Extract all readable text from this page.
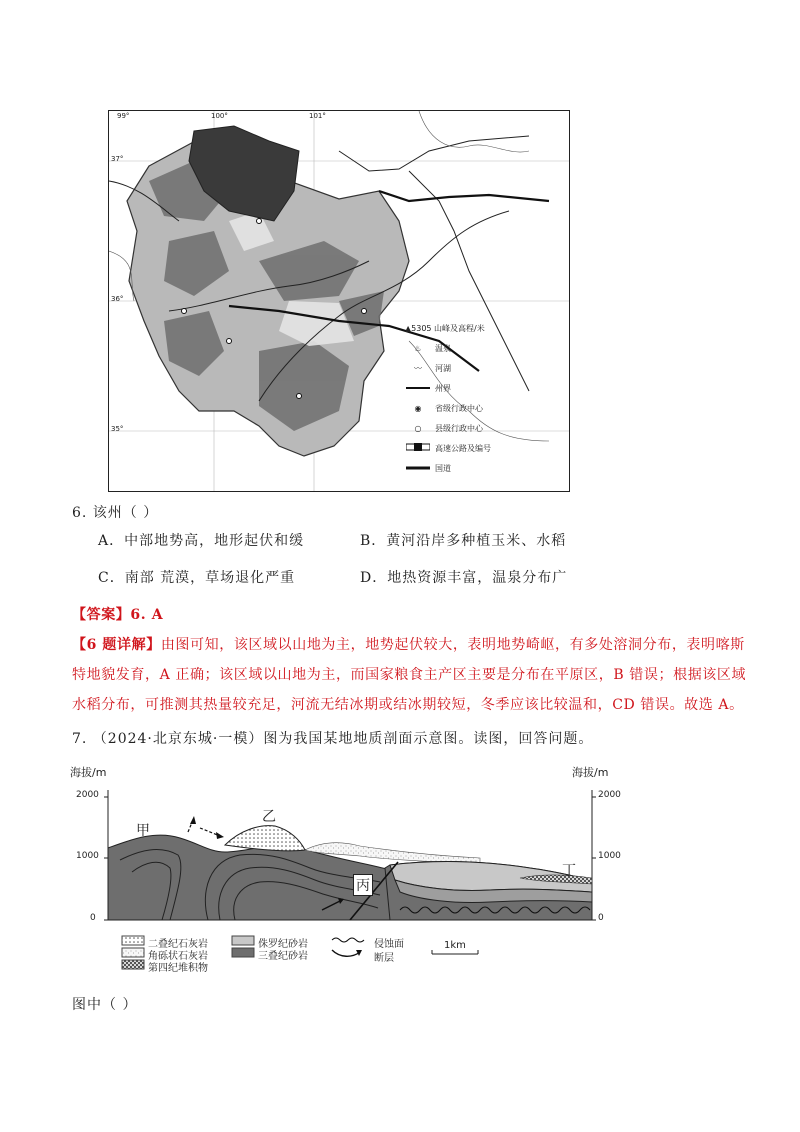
99°	100°	101°
37°
36°
35°
▲5305 山峰及高程/米
♨ 温泉
〰 河湖
州界
◉ 省级行政中心
○ 县级行政中心
高速公路及编号
国道
6. 该州（ ）
A．中部地势高，地形起伏和缓	B．黄河沿岸多种植玉米、水稻
C．南部 荒漠，草场退化严重	D．地热资源丰富，温泉分布广
【答案】6. A
【6 题详解】由图可知，该区域以山地为主，地势起伏较大，表明地势崎岖，有多处溶洞分布，表明喀斯
特地貌发育，A 正确；该区域以山地为主，而国家粮食主产区主要是分布在平原区，B 错误；根据该区域
水稻分布，可推测其热量较充足，河流无结冰期或结冰期较短，冬季应该比较温和，CD 错误。故选 A。
7. （2024·北京东城·一模）图为我国某地地质剖面示意图。读图，回答问题。
海拔/m	海拔/m
2000
1000
0
2000
1000
0
甲
乙
丙
丁
二叠纪石灰岩
角砾状石灰岩
第四纪堆积物
侏罗纪砂岩
三叠纪砂岩
侵蚀面
断层
1km
图中（ ）
